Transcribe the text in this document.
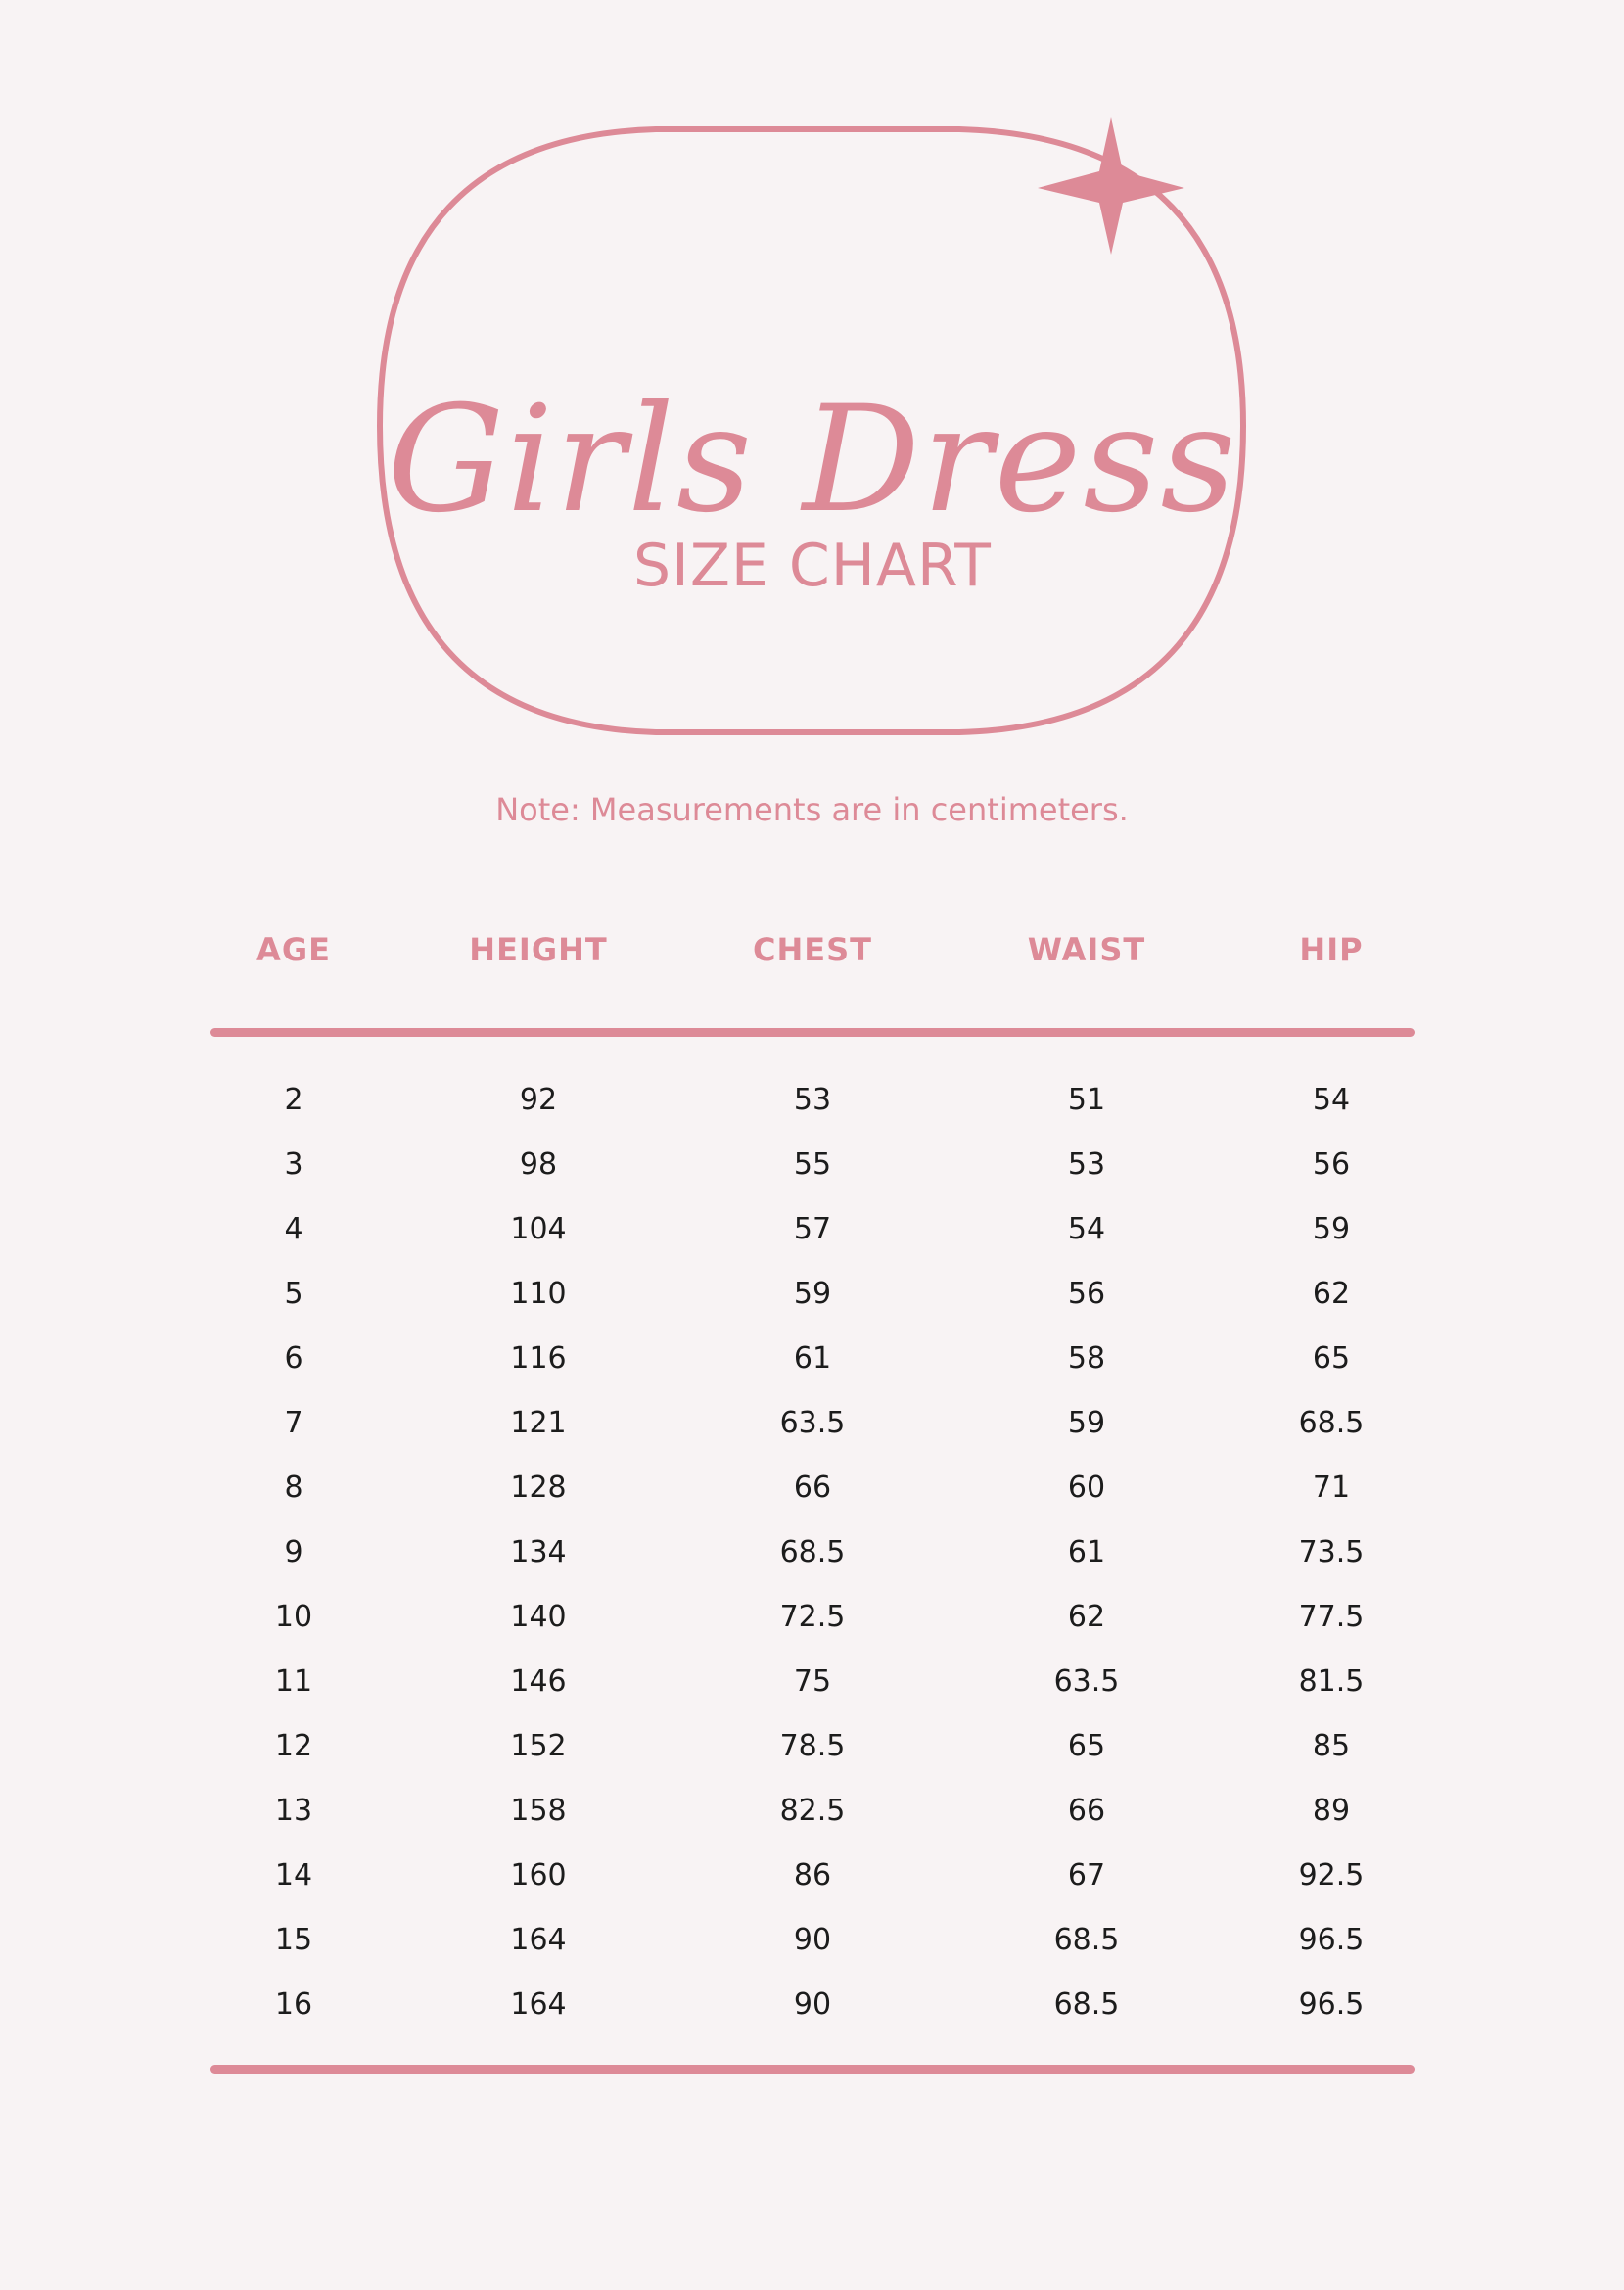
Girls Dress
SIZE CHART
Note: Measurements are in centimeters.
AGE	HEIGHT	CHEST	WAIST	HIP
2	92	53	51	54
3	98	55	53	56
4	104	57	54	59
5	110	59	56	62
6	116	61	58	65
7	121	63.5	59	68.5
8	128	66	60	71
9	134	68.5	61	73.5
10	140	72.5	62	77.5
11	146	75	63.5	81.5
12	152	78.5	65	85
13	158	82.5	66	89
14	160	86	67	92.5
15	164	90	68.5	96.5
16	164	90	68.5	96.5
